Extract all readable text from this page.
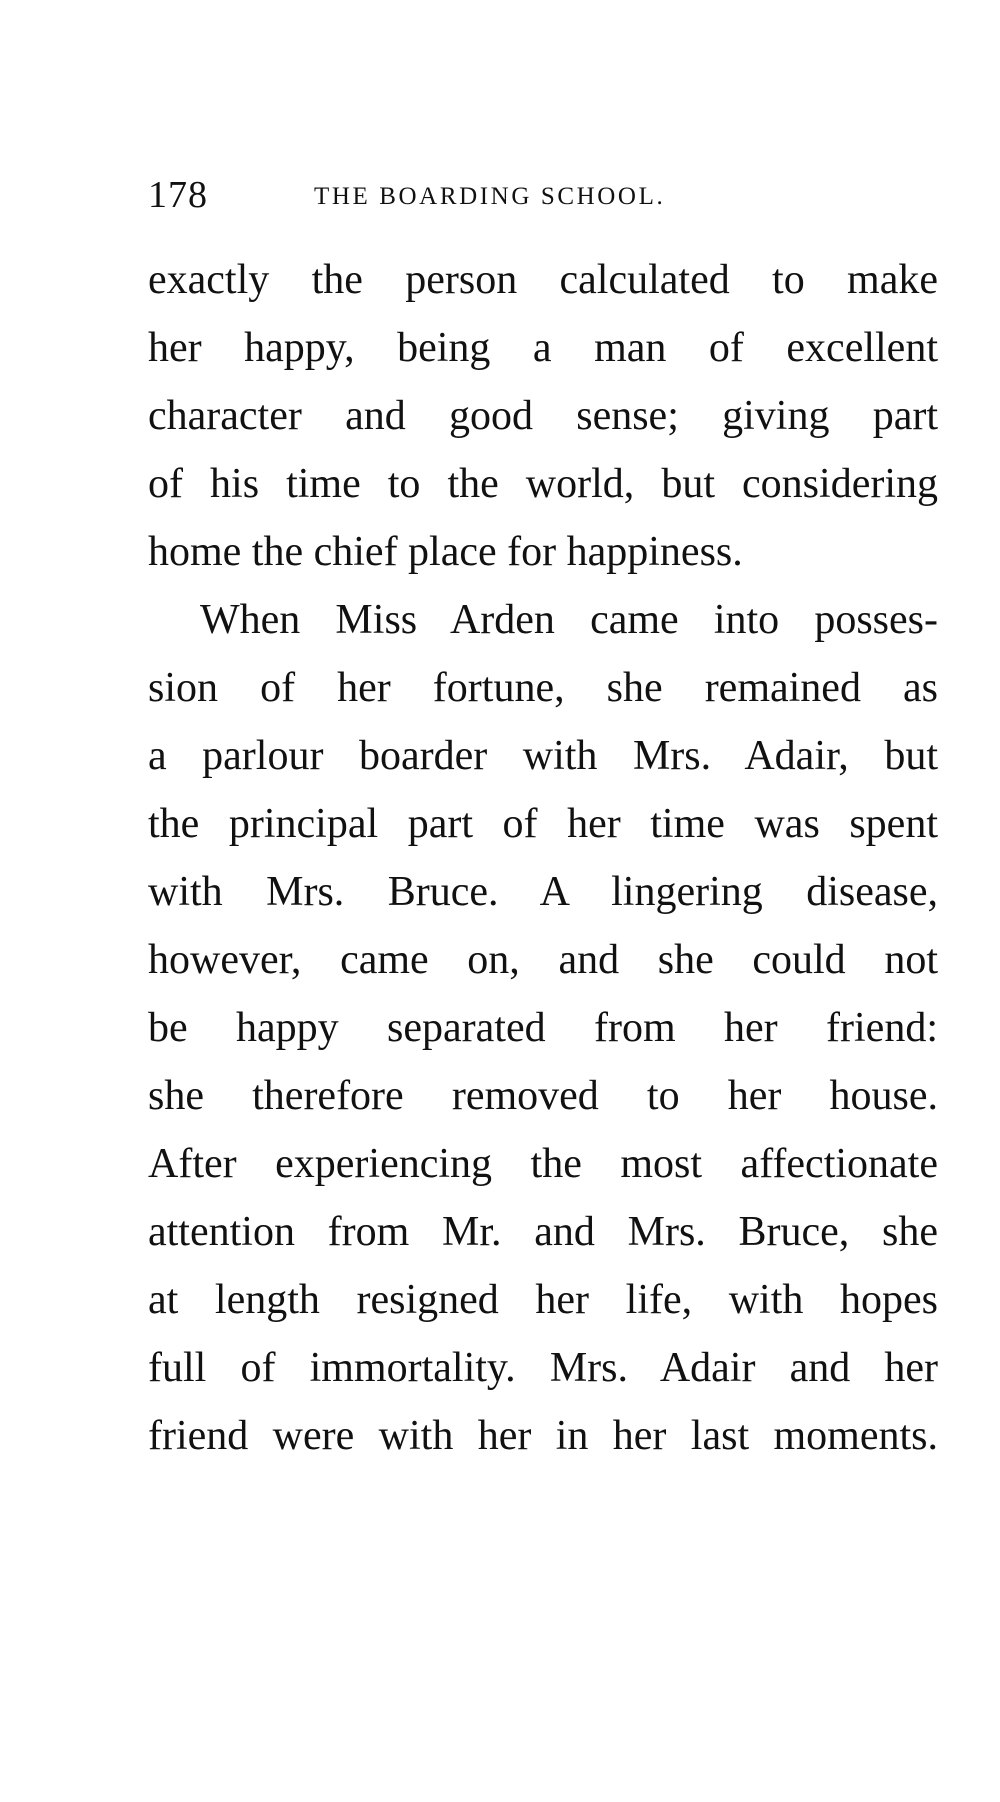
178	THE BOARDING SCHOOL.
exactly the person calculated to make
her happy, being a man of excellent
character and good sense; giving part
of his time to the world, but considering
home the chief place for happiness.
When Miss Arden came into posses-
sion of her fortune, she remained as
a parlour boarder with Mrs. Adair, but
the principal part of her time was spent
with Mrs. Bruce. A lingering disease,
however, came on, and she could not
be happy separated from her friend:
she therefore removed to her house.
After experiencing the most affectionate
attention from Mr. and Mrs. Bruce, she
at length resigned her life, with hopes
full of immortality. Mrs. Adair and her
friend were with her in her last moments.
